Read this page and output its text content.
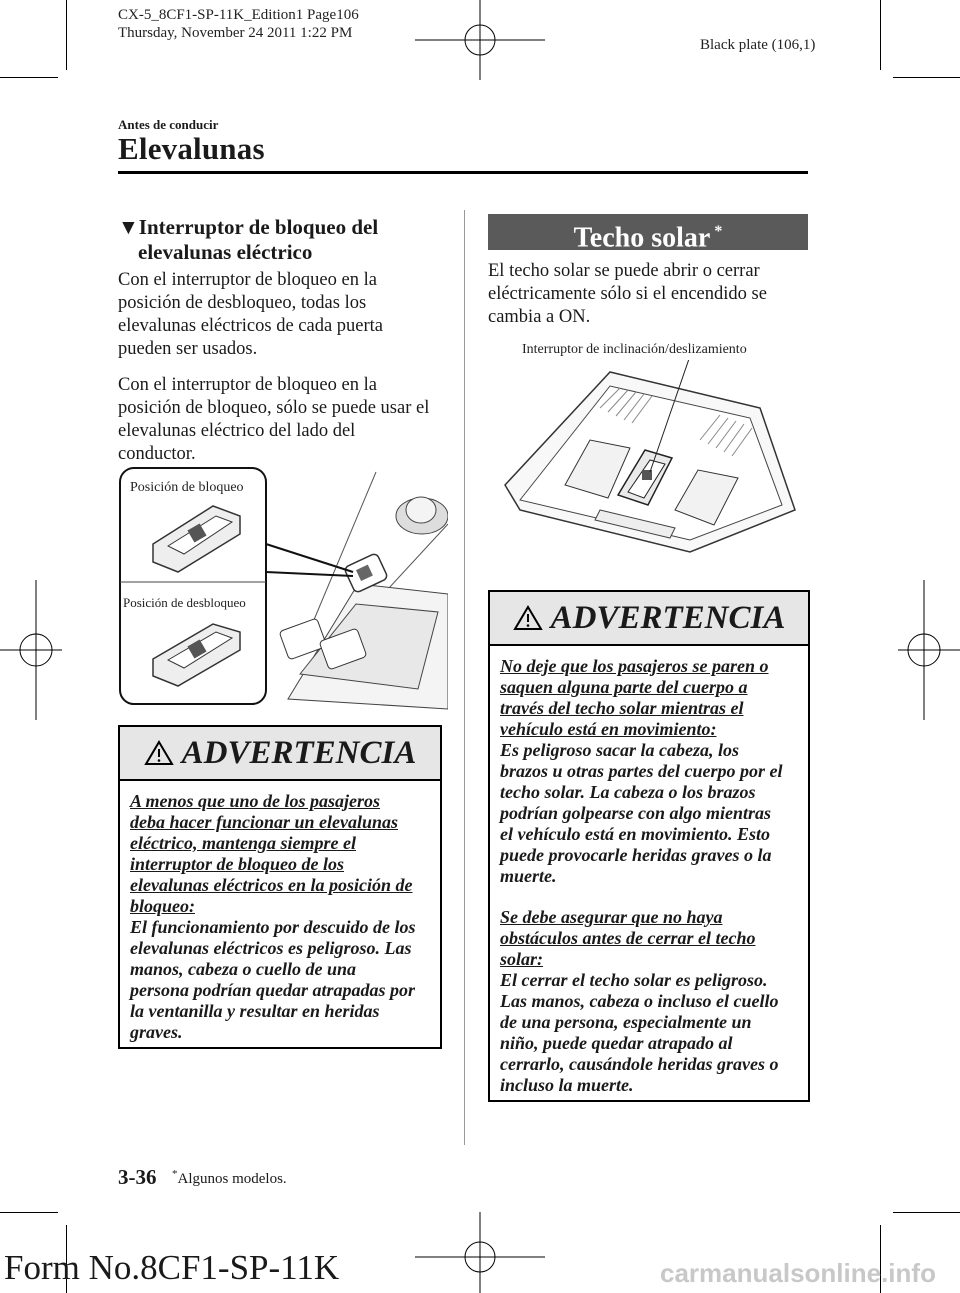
CX-5_8CF1-SP-11K_Edition1 Page106
Thursday, November 24 2011 1:22 PM
Black plate (106,1)
Antes de conducir
Elevalunas
▼Interruptor de bloqueo del
elevalunas eléctrico
Con el interruptor de bloqueo en la
posición de desbloqueo, todas los
elevalunas eléctricos de cada puerta
pueden ser usados.
Con el interruptor de bloqueo en la
posición de bloqueo, sólo se puede usar el
elevalunas eléctrico del lado del
conductor.
Posición de bloqueo
Posición de desbloqueo
ADVERTENCIA
A menos que uno de los pasajeros
deba hacer funcionar un elevalunas
eléctrico, mantenga siempre el
interruptor de bloqueo de los
elevalunas eléctricos en la posición de
bloqueo:
El funcionamiento por descuido de los
elevalunas eléctricos es peligroso. Las
manos, cabeza o cuello de una
persona podrían quedar atrapadas por
la ventanilla y resultar en heridas
graves.
Techo solar *
El techo solar se puede abrir o cerrar
eléctricamente sólo si el encendido se
cambia a ON.
Interruptor de inclinación/deslizamiento
ADVERTENCIA
No deje que los pasajeros se paren o
saquen alguna parte del cuerpo a
través del techo solar mientras el
vehículo está en movimiento:
Es peligroso sacar la cabeza, los
brazos u otras partes del cuerpo por el
techo solar. La cabeza o los brazos
podrían golpearse con algo mientras
el vehículo está en movimiento. Esto
puede provocarle heridas graves o la
muerte.
Se debe asegurar que no haya
obstáculos antes de cerrar el techo
solar:
El cerrar el techo solar es peligroso.
Las manos, cabeza o incluso el cuello
de una persona, especialmente un
niño, puede quedar atrapado al
cerrarlo, causándole heridas graves o
incluso la muerte.
3-36 *Algunos modelos.
Form No.8CF1-SP-11K	carmanualsonline.info
